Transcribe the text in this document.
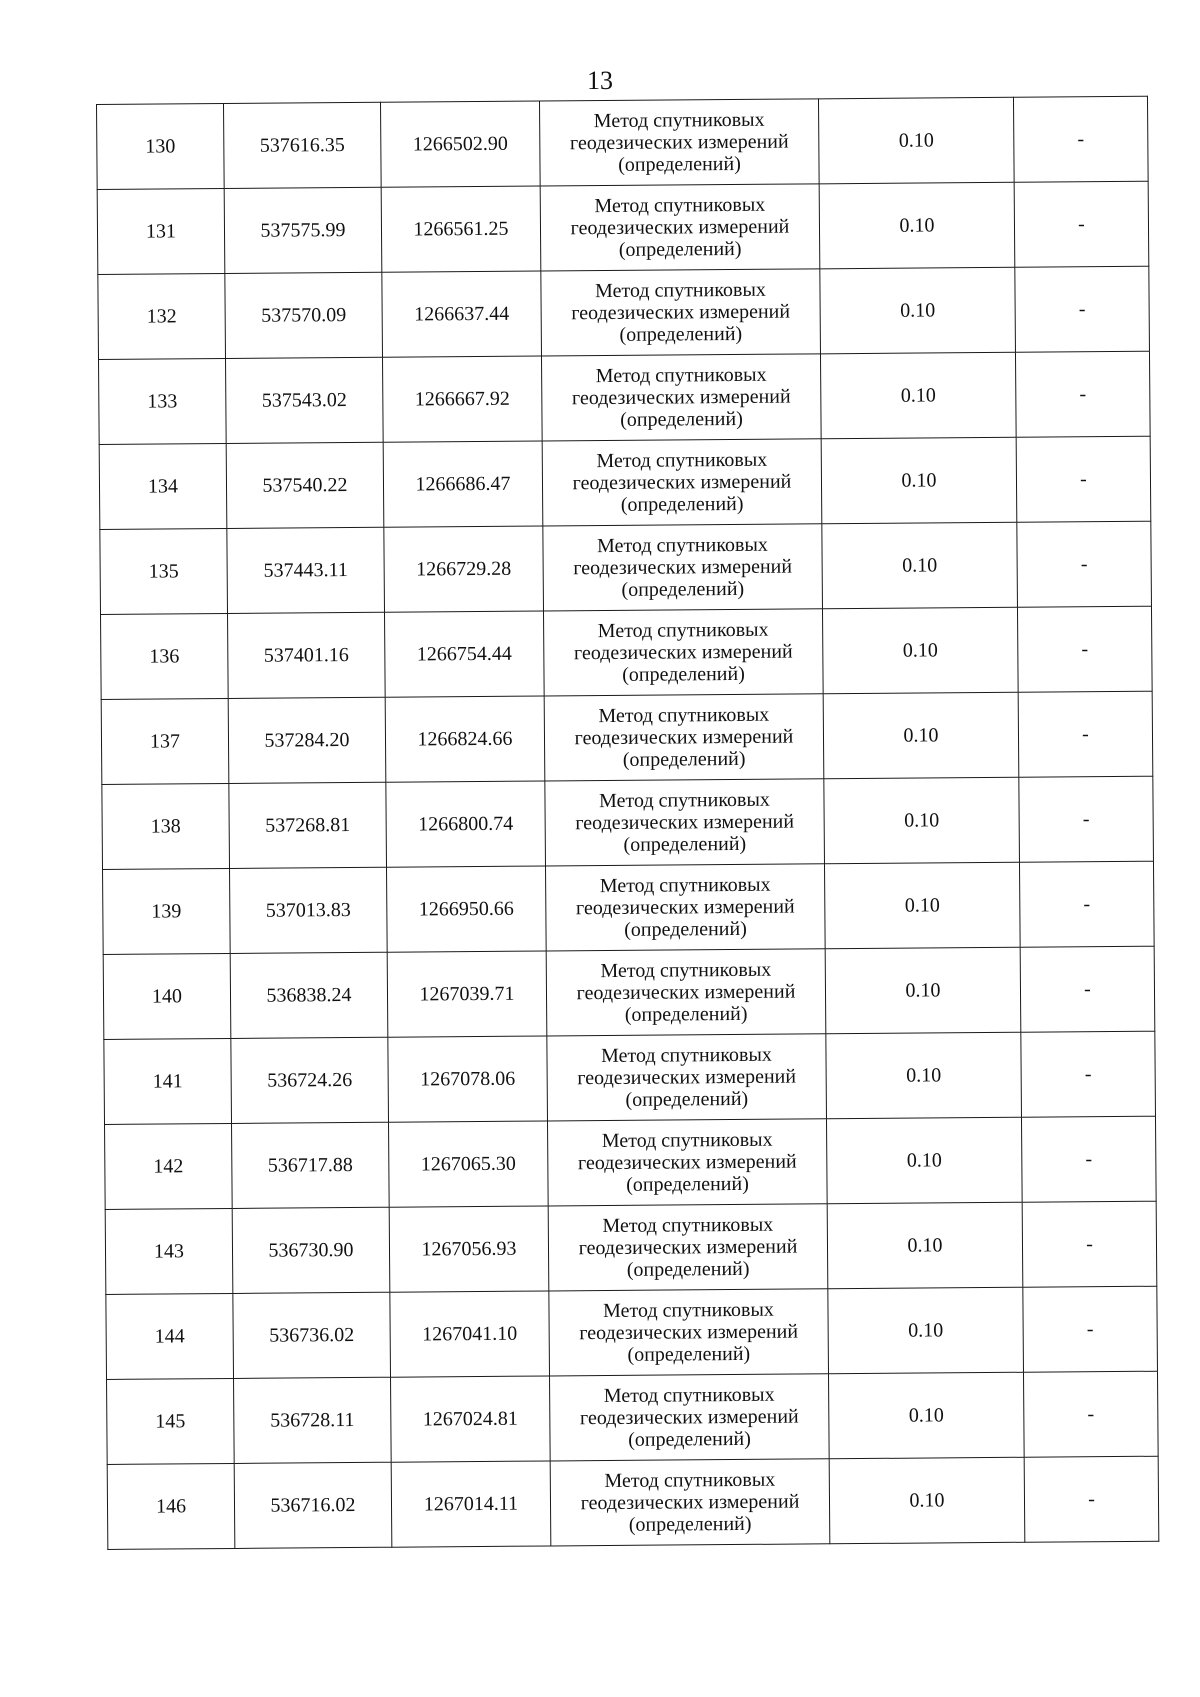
13
130	537616.35	1266502.90	Метод спутниковых
геодезических измерений
(определений)	0.10	-
131	537575.99	1266561.25	Метод спутниковых
геодезических измерений
(определений)	0.10	-
132	537570.09	1266637.44	Метод спутниковых
геодезических измерений
(определений)	0.10	-
133	537543.02	1266667.92	Метод спутниковых
геодезических измерений
(определений)	0.10	-
134	537540.22	1266686.47	Метод спутниковых
геодезических измерений
(определений)	0.10	-
135	537443.11	1266729.28	Метод спутниковых
геодезических измерений
(определений)	0.10	-
136	537401.16	1266754.44	Метод спутниковых
геодезических измерений
(определений)	0.10	-
137	537284.20	1266824.66	Метод спутниковых
геодезических измерений
(определений)	0.10	-
138	537268.81	1266800.74	Метод спутниковых
геодезических измерений
(определений)	0.10	-
139	537013.83	1266950.66	Метод спутниковых
геодезических измерений
(определений)	0.10	-
140	536838.24	1267039.71	Метод спутниковых
геодезических измерений
(определений)	0.10	-
141	536724.26	1267078.06	Метод спутниковых
геодезических измерений
(определений)	0.10	-
142	536717.88	1267065.30	Метод спутниковых
геодезических измерений
(определений)	0.10	-
143	536730.90	1267056.93	Метод спутниковых
геодезических измерений
(определений)	0.10	-
144	536736.02	1267041.10	Метод спутниковых
геодезических измерений
(определений)	0.10	-
145	536728.11	1267024.81	Метод спутниковых
геодезических измерений
(определений)	0.10	-
146	536716.02	1267014.11	Метод спутниковых
геодезических измерений
(определений)	0.10	-
